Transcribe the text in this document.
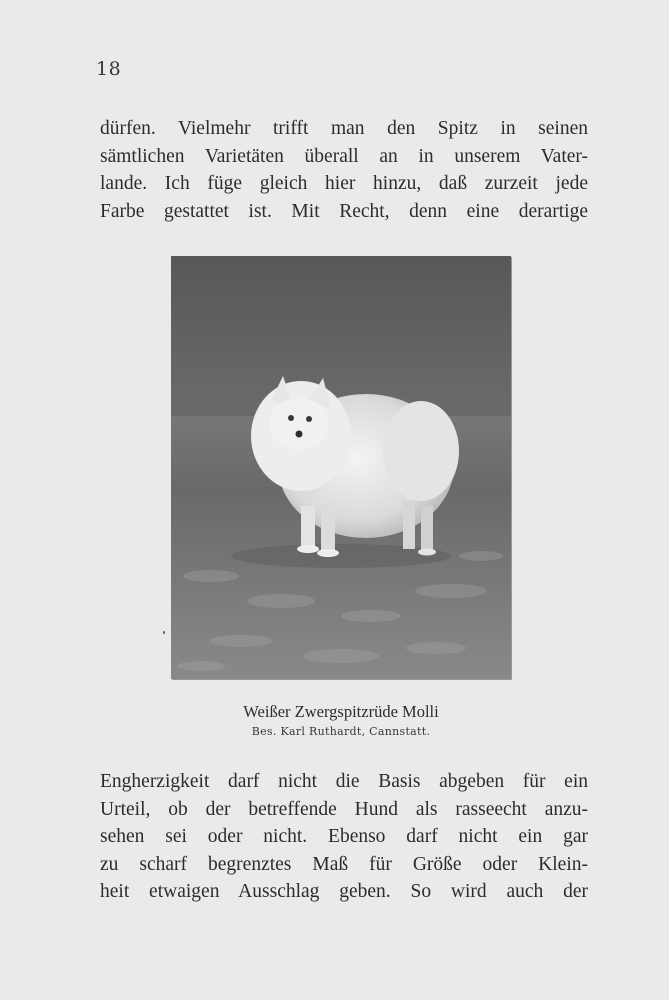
18
dürfen. Vielmehr trifft man den Spitz in seinen
sämtlichen Varietäten überall an in unserem Vater-
lande. Ich füge gleich hier hinzu, daß zurzeit jede
Farbe gestattet ist. Mit Recht, denn eine derartige
Weißer Zwergspitzrüde Molli
Bes. Karl Ruthardt, Cannstatt.
Engherzigkeit darf nicht die Basis abgeben für ein
Urteil, ob der betreffende Hund als rasseecht anzu-
sehen sei oder nicht. Ebenso darf nicht ein gar
zu scharf begrenztes Maß für Größe oder Klein-
heit etwaigen Ausschlag geben. So wird auch der
